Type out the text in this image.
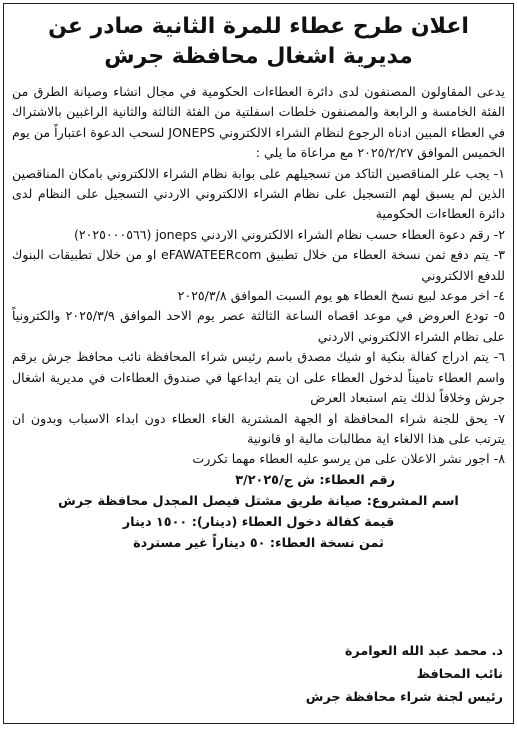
اعلان طرح عطاء للمرة الثانية صادر عن
مديرية اشغال محافظة جرش

يدعى المقاولون المصنفون لدى دائرة العطاءات الحكومية في مجال انشاء وصيانة الطرق من الفئة الخامسة و الرابعة والمصنفون خلطات اسفلتية من الفئة الثالثة والثانية الراغبين بالاشتراك في العطاء المبين ادناه الرجوع لنظام الشراء الالكتروني JONEPS لسحب الدعوة اعتباراً من يوم الخميس الموافق ٢٠٢٥/٢/٢٧ مع مراعاة ما يلي :

١- يجب علر المناقصين التاكد من تسجيلهم على بوابة نظام الشراء الالكتروني بامكان المناقصين الذين لم يسبق لهم التسجيل على نظام الشراء الالكتروني الاردني التسجيل على النظام لدى دائرة العطاءات الحكومية

٢- رقم دعوة العطاء حسب نظام الشراء الالكتروني الاردني joneps (٢٠٢٥٠٠٠٥٦٦)

٣- يتم دفع ثمن نسخة العطاء من خلال تطبيق eFAWATEERcom او من خلال تطبيقات البنوك للدفع الالكتروني

٤- اخر موعد لبيع نسخ العطاء هو يوم السبت الموافق ٢٠٢٥/٣/٨

٥- تودع العروض في موعد اقصاه الساعة الثالثة عصر يوم الاحد الموافق ٢٠٢٥/٣/٩ والكترونياً على نظام الشراء الالكتروني الاردني

٦- يتم ادراج كفالة بنكية او شيك مصدق باسم رئيس شراء المحافظة نائب محافظ جرش برقم واسم العطاء تاميناً لدخول العطاء على ان يتم ايداعها في صندوق العطاءات في مديرية اشغال جرش وخلافاً لذلك يتم استبعاد العرض

٧- يحق للجنة شراء المحافظة او الجهة المشترية الغاء العطاء دون ابداء الاسباب وبدون ان يترتب على هذا الالغاء اية مطالبات مالية او قانونية

٨- اجور نشر الاعلان على من يرسو عليه العطاء مهما تكررت

رقم العطاء: ش ج/٣/٢٠٢٥

اسم المشروع: صيانة طريق مشتل فيصل المجدل محافظة جرش

قيمة كفالة دخول العطاء (دينار): ١٥٠٠ دينار

ثمن نسخة العطاء: ٥٠ ديناراً غير مستردة

د. محمد عبد الله العوامرة

نائب المحافظ

رئيس لجنة شراء محافظة جرش
